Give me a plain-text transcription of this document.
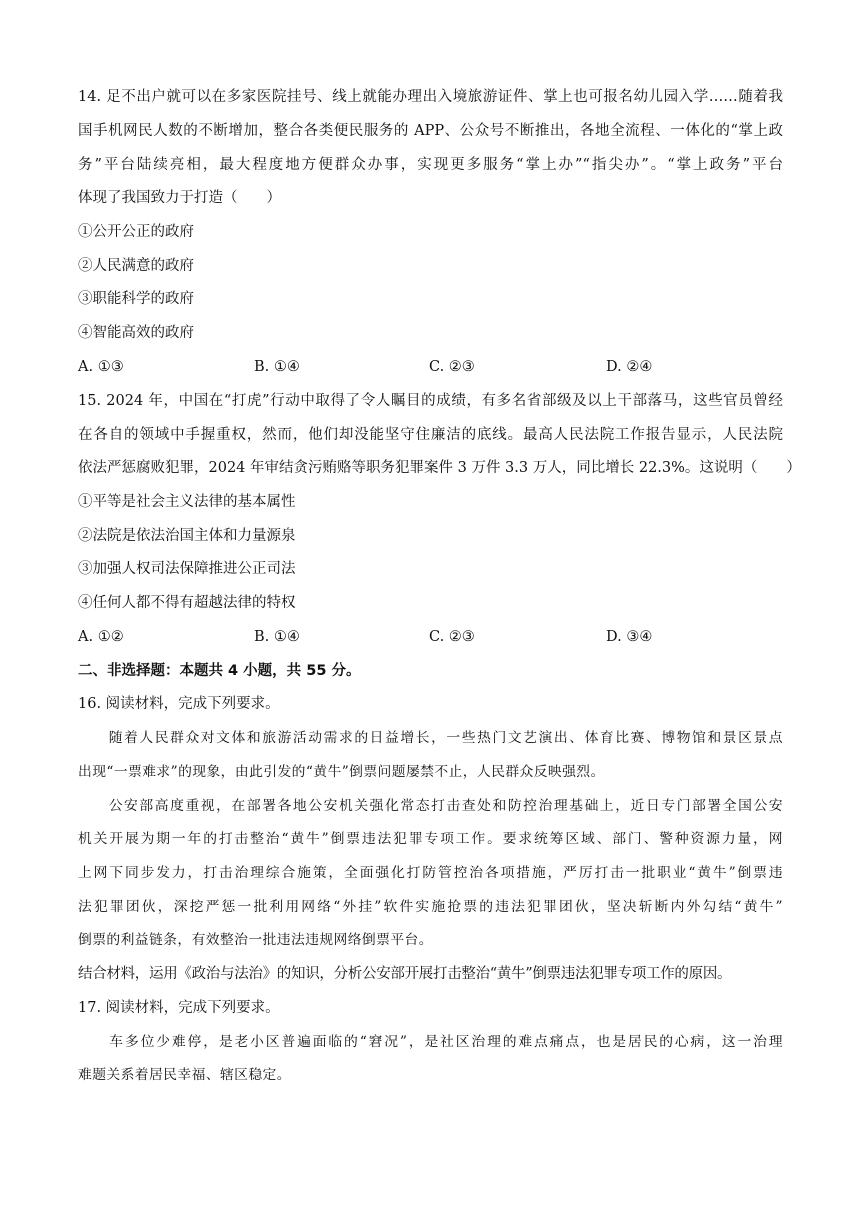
14. 足不出户就可以在多家医院挂号、线上就能办理出入境旅游证件、掌上也可报名幼儿园入学……随着我
国手机网民人数的不断增加，整合各类便民服务的 APP、公众号不断推出，各地全流程、一体化的“掌上政
务”平台陆续亮相，最大程度地方便群众办事，实现更多服务“掌上办”“指尖办”。“掌上政务”平台
体现了我国致力于打造（　　）
①公开公正的政府
②人民满意的政府
③职能科学的政府
④智能高效的政府
A. ①③	B. ①④	C. ②③	D. ②④
15. 2024 年，中国在“打虎”行动中取得了令人瞩目的成绩，有多名省部级及以上干部落马，这些官员曾经
在各自的领域中手握重权，然而，他们却没能坚守住廉洁的底线。最高人民法院工作报告显示，人民法院
依法严惩腐败犯罪，2024 年审结贪污贿赂等职务犯罪案件 3 万件 3.3 万人，同比增长 22.3%。这说明（　　）
①平等是社会主义法律的基本属性
②法院是依法治国主体和力量源泉
③加强人权司法保障推进公正司法
④任何人都不得有超越法律的特权
A. ①②	B. ①④	C. ②③	D. ③④
二、非选择题：本题共 4 小题，共 55 分。
16. 阅读材料，完成下列要求。
　　随着人民群众对文体和旅游活动需求的日益增长，一些热门文艺演出、体育比赛、博物馆和景区景点
出现“一票难求”的现象，由此引发的“黄牛”倒票问题屡禁不止，人民群众反映强烈。
　　公安部高度重视，在部署各地公安机关强化常态打击查处和防控治理基础上，近日专门部署全国公安
机关开展为期一年的打击整治“黄牛”倒票违法犯罪专项工作。要求统筹区域、部门、警种资源力量，网
上网下同步发力，打击治理综合施策，全面强化打防管控治各项措施，严厉打击一批职业“黄牛”倒票违
法犯罪团伙，深挖严惩一批利用网络“外挂”软件实施抢票的违法犯罪团伙，坚决斩断内外勾结“黄牛”
倒票的利益链条，有效整治一批违法违规网络倒票平台。
结合材料，运用《政治与法治》的知识，分析公安部开展打击整治“黄牛”倒票违法犯罪专项工作的原因。
17. 阅读材料，完成下列要求。
　　车多位少难停，是老小区普遍面临的“窘况”，是社区治理的难点痛点，也是居民的心病，这一治理
难题关系着居民幸福、辖区稳定。
